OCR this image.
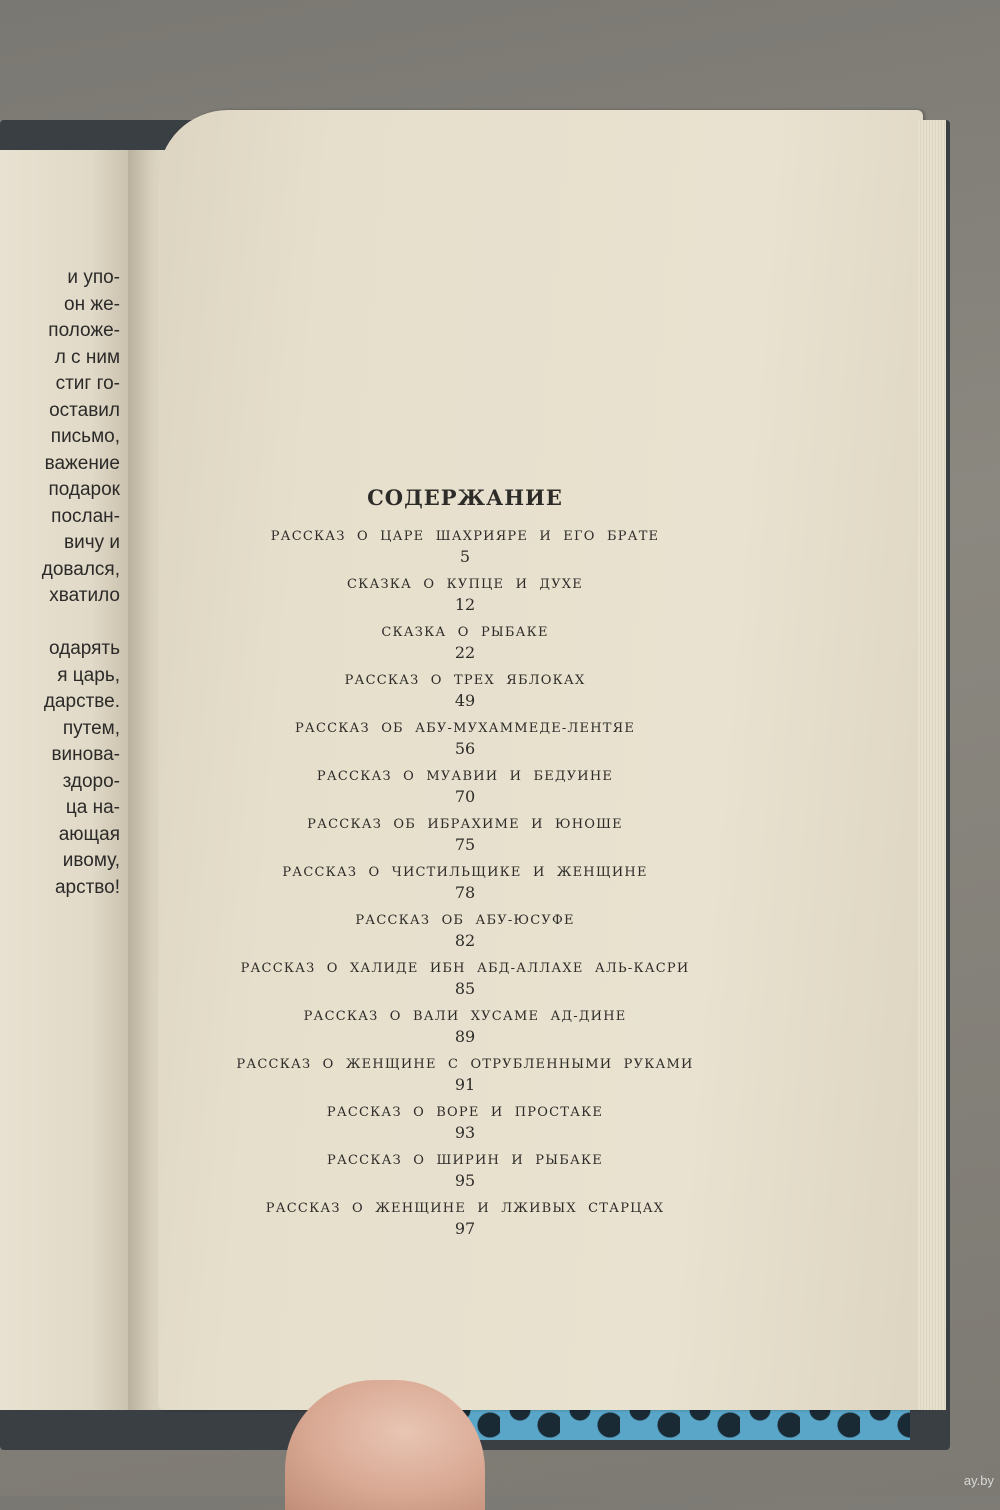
и упо-
он же-
положе-
л с ним
стиг го-
оставил
письмо,
важение
подарок
послан-
вичу и
довался,
хватило
одарять
я царь,
дарстве.
путем,
винова-
здоро-
ца на-
ающая
ивому,
арство!
СОДЕРЖАНИЕ
РАССКАЗ О ЦАРЕ ШАХРИЯРЕ И ЕГО БРАТЕ
5
СКАЗКА О КУПЦЕ И ДУХЕ
12
СКАЗКА О РЫБАКЕ
22
РАССКАЗ О ТРЕХ ЯБЛОКАХ
49
РАССКАЗ ОБ АБУ-МУХАММЕДЕ-ЛЕНТЯЕ
56
РАССКАЗ О МУАВИИ И БЕДУИНЕ
70
РАССКАЗ ОБ ИБРАХИМЕ И ЮНОШЕ
75
РАССКАЗ О ЧИСТИЛЬЩИКЕ И ЖЕНЩИНЕ
78
РАССКАЗ ОБ АБУ-ЮСУФЕ
82
РАССКАЗ О ХАЛИДЕ ИБН АБД-АЛЛАХЕ АЛЬ-КАСРИ
85
РАССКАЗ О ВАЛИ ХУСАМЕ АД-ДИНЕ
89
РАССКАЗ О ЖЕНЩИНЕ С ОТРУБЛЕННЫМИ РУКАМИ
91
РАССКАЗ О ВОРЕ И ПРОСТАКЕ
93
РАССКАЗ О ШИРИН И РЫБАКЕ
95
РАССКАЗ О ЖЕНЩИНЕ И ЛЖИВЫХ СТАРЦАХ
97
ay.by
